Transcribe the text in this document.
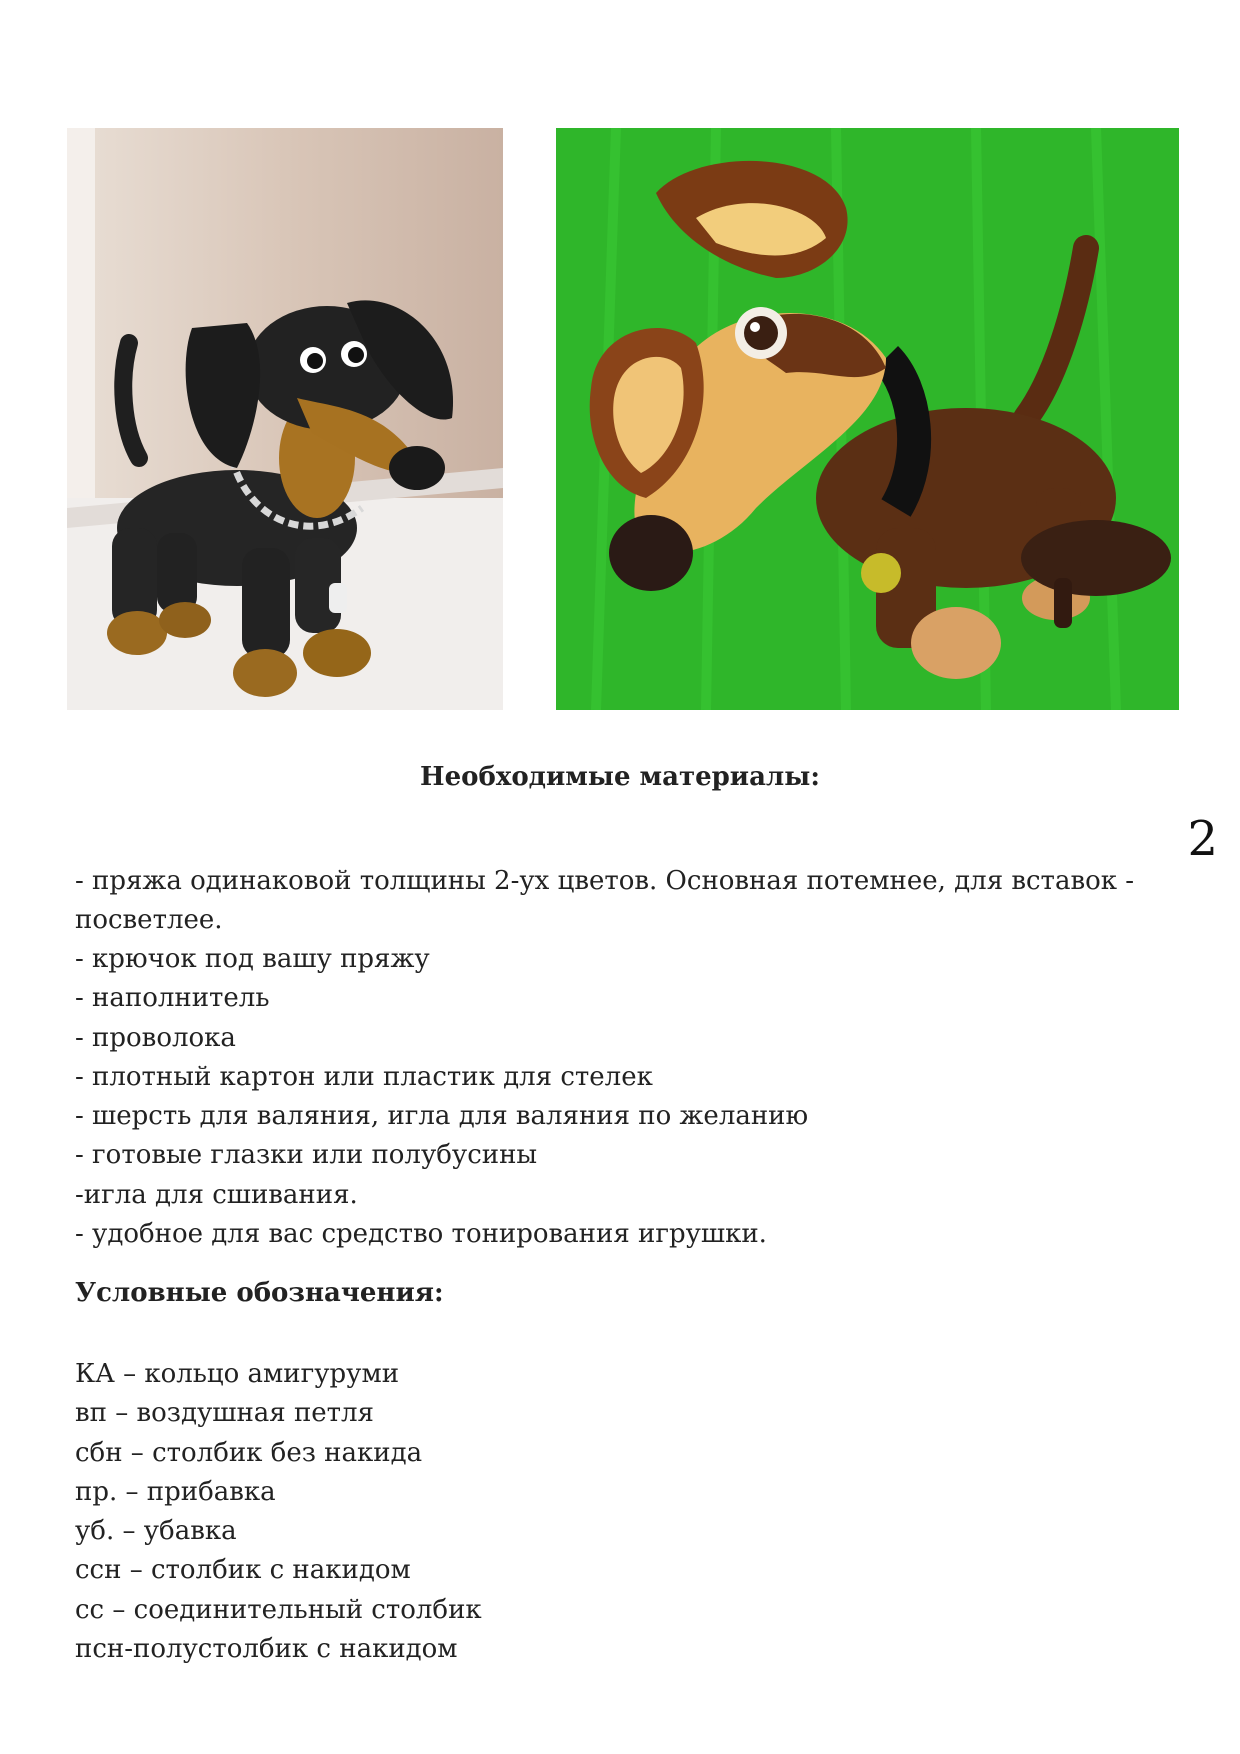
Необходимые материалы:
2
- пряжа одинаковой толщины 2-ух цветов. Основная потемнее, для вставок - посветлее.
- крючок под вашу пряжу
- наполнитель
- проволока
- плотный картон или пластик для стелек
- шерсть для валяния, игла для валяния по желанию
- готовые глазки или полубусины
-игла для сшивания.
- удобное для вас средство тонирования игрушки.
Условные обозначения:
КА – кольцо амигуруми
вп – воздушная петля
сбн – столбик без накида
пр. – прибавка
уб. – убавка
ссн – столбик с накидом
сс – соединительный столбик
псн-полустолбик с накидом
